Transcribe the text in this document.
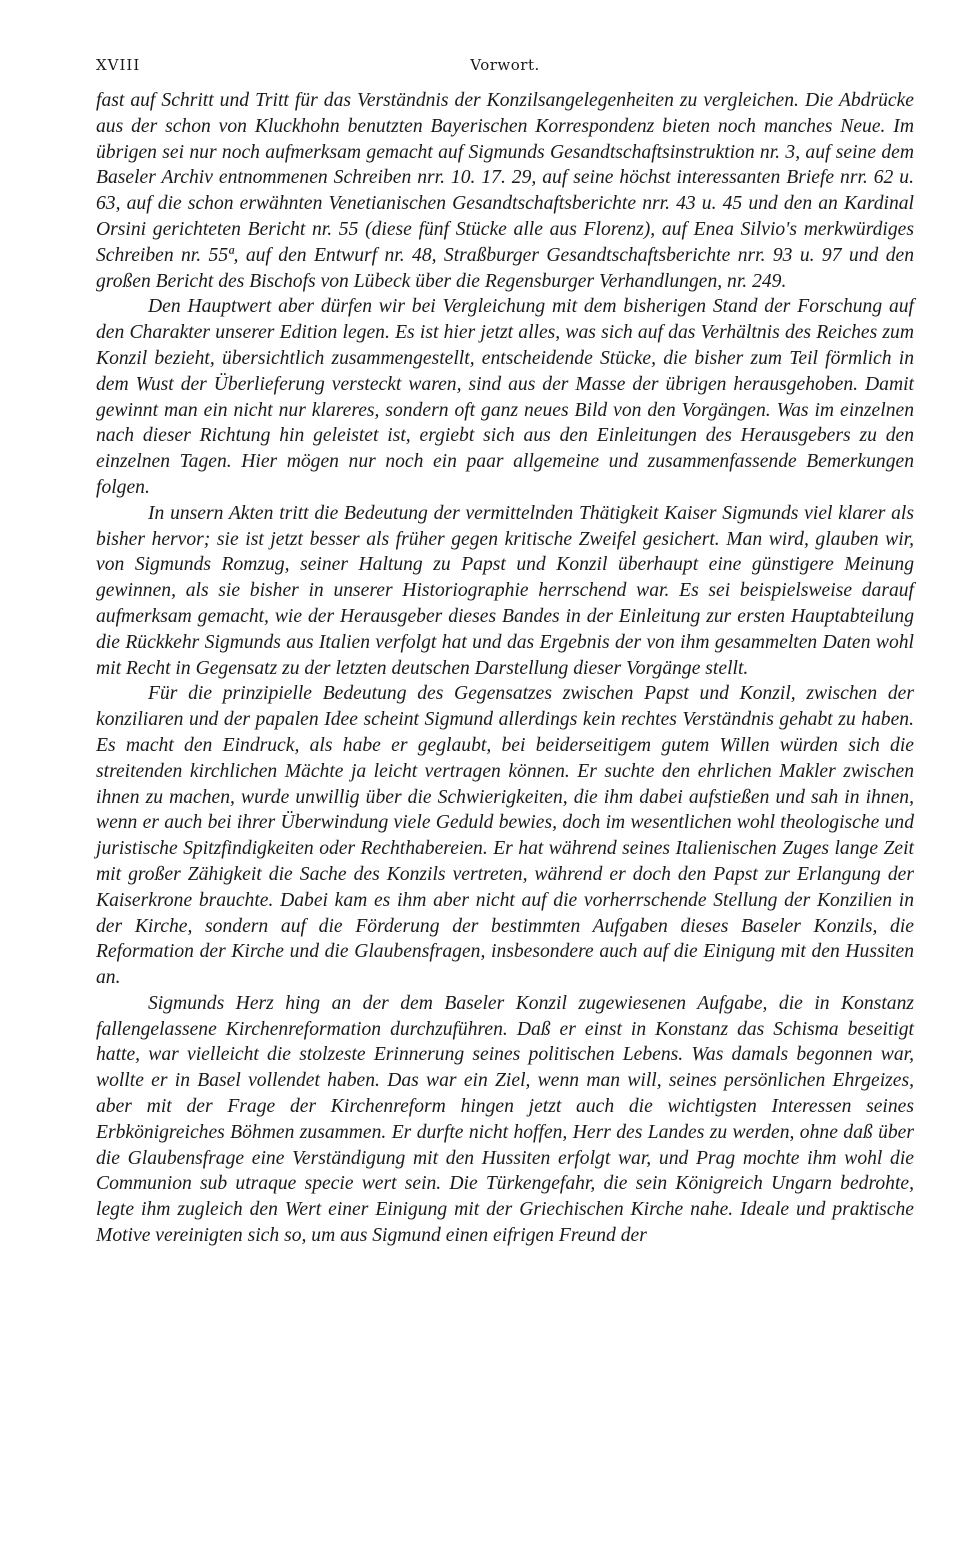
XVIII	Vorwort.

fast auf Schritt und Tritt für das Verständnis der Konzilsangelegenheiten zu vergleichen. Die Abdrücke aus der schon von Kluckhohn benutzten Bayerischen Korrespondenz bieten noch manches Neue. Im übrigen sei nur noch aufmerksam gemacht auf Sigmunds Gesandtschaftsinstruktion nr. 3, auf seine dem Baseler Archiv entnommenen Schreiben nrr. 10. 17. 29, auf seine höchst interessanten Briefe nrr. 62 u. 63, auf die schon erwähnten Venetianischen Gesandtschaftsberichte nrr. 43 u. 45 und den an Kardinal Orsini gerichteten Bericht nr. 55 (diese fünf Stücke alle aus Florenz), auf Enea Silvio's merkwürdiges Schreiben nr. 55ª, auf den Entwurf nr. 48, Straßburger Gesandtschaftsberichte nrr. 93 u. 97 und den großen Bericht des Bischofs von Lübeck über die Regensburger Verhandlungen, nr. 249.

Den Hauptwert aber dürfen wir bei Vergleichung mit dem bisherigen Stand der Forschung auf den Charakter unserer Edition legen. Es ist hier jetzt alles, was sich auf das Verhältnis des Reiches zum Konzil bezieht, übersichtlich zusammengestellt, entscheidende Stücke, die bisher zum Teil förmlich in dem Wust der Überlieferung versteckt waren, sind aus der Masse der übrigen herausgehoben. Damit gewinnt man ein nicht nur klareres, sondern oft ganz neues Bild von den Vorgängen. Was im einzelnen nach dieser Richtung hin geleistet ist, ergiebt sich aus den Einleitungen des Herausgebers zu den einzelnen Tagen. Hier mögen nur noch ein paar allgemeine und zusammenfassende Bemerkungen folgen.

In unsern Akten tritt die Bedeutung der vermittelnden Thätigkeit Kaiser Sigmunds viel klarer als bisher hervor; sie ist jetzt besser als früher gegen kritische Zweifel gesichert. Man wird, glauben wir, von Sigmunds Romzug, seiner Haltung zu Papst und Konzil überhaupt eine günstigere Meinung gewinnen, als sie bisher in unserer Historiographie herrschend war. Es sei beispielsweise darauf aufmerksam gemacht, wie der Herausgeber dieses Bandes in der Einleitung zur ersten Hauptabteilung die Rückkehr Sigmunds aus Italien verfolgt hat und das Ergebnis der von ihm gesammelten Daten wohl mit Recht in Gegensatz zu der letzten deutschen Darstellung dieser Vorgänge stellt.

Für die prinzipielle Bedeutung des Gegensatzes zwischen Papst und Konzil, zwischen der konziliaren und der papalen Idee scheint Sigmund allerdings kein rechtes Verständnis gehabt zu haben. Es macht den Eindruck, als habe er geglaubt, bei beiderseitigem gutem Willen würden sich die streitenden kirchlichen Mächte ja leicht vertragen können. Er suchte den ehrlichen Makler zwischen ihnen zu machen, wurde unwillig über die Schwierigkeiten, die ihm dabei aufstießen und sah in ihnen, wenn er auch bei ihrer Überwindung viele Geduld bewies, doch im wesentlichen wohl theologische und juristische Spitzfindigkeiten oder Rechthabereien. Er hat während seines Italienischen Zuges lange Zeit mit großer Zähigkeit die Sache des Konzils vertreten, während er doch den Papst zur Erlangung der Kaiserkrone brauchte. Dabei kam es ihm aber nicht auf die vorherrschende Stellung der Konzilien in der Kirche, sondern auf die Förderung der bestimmten Aufgaben dieses Baseler Konzils, die Reformation der Kirche und die Glaubensfragen, insbesondere auch auf die Einigung mit den Hussiten an.

Sigmunds Herz hing an der dem Baseler Konzil zugewiesenen Aufgabe, die in Konstanz fallengelassene Kirchenreformation durchzuführen. Daß er einst in Konstanz das Schisma beseitigt hatte, war vielleicht die stolzeste Erinnerung seines politischen Lebens. Was damals begonnen war, wollte er in Basel vollendet haben. Das war ein Ziel, wenn man will, seines persönlichen Ehrgeizes, aber mit der Frage der Kirchenreform hingen jetzt auch die wichtigsten Interessen seines Erbkönigreiches Böhmen zusammen. Er durfte nicht hoffen, Herr des Landes zu werden, ohne daß über die Glaubensfrage eine Verständigung mit den Hussiten erfolgt war, und Prag mochte ihm wohl die Communion sub utraque specie wert sein. Die Türkengefahr, die sein Königreich Ungarn bedrohte, legte ihm zugleich den Wert einer Einigung mit der Griechischen Kirche nahe. Ideale und praktische Motive vereinigten sich so, um aus Sigmund einen eifrigen Freund der
